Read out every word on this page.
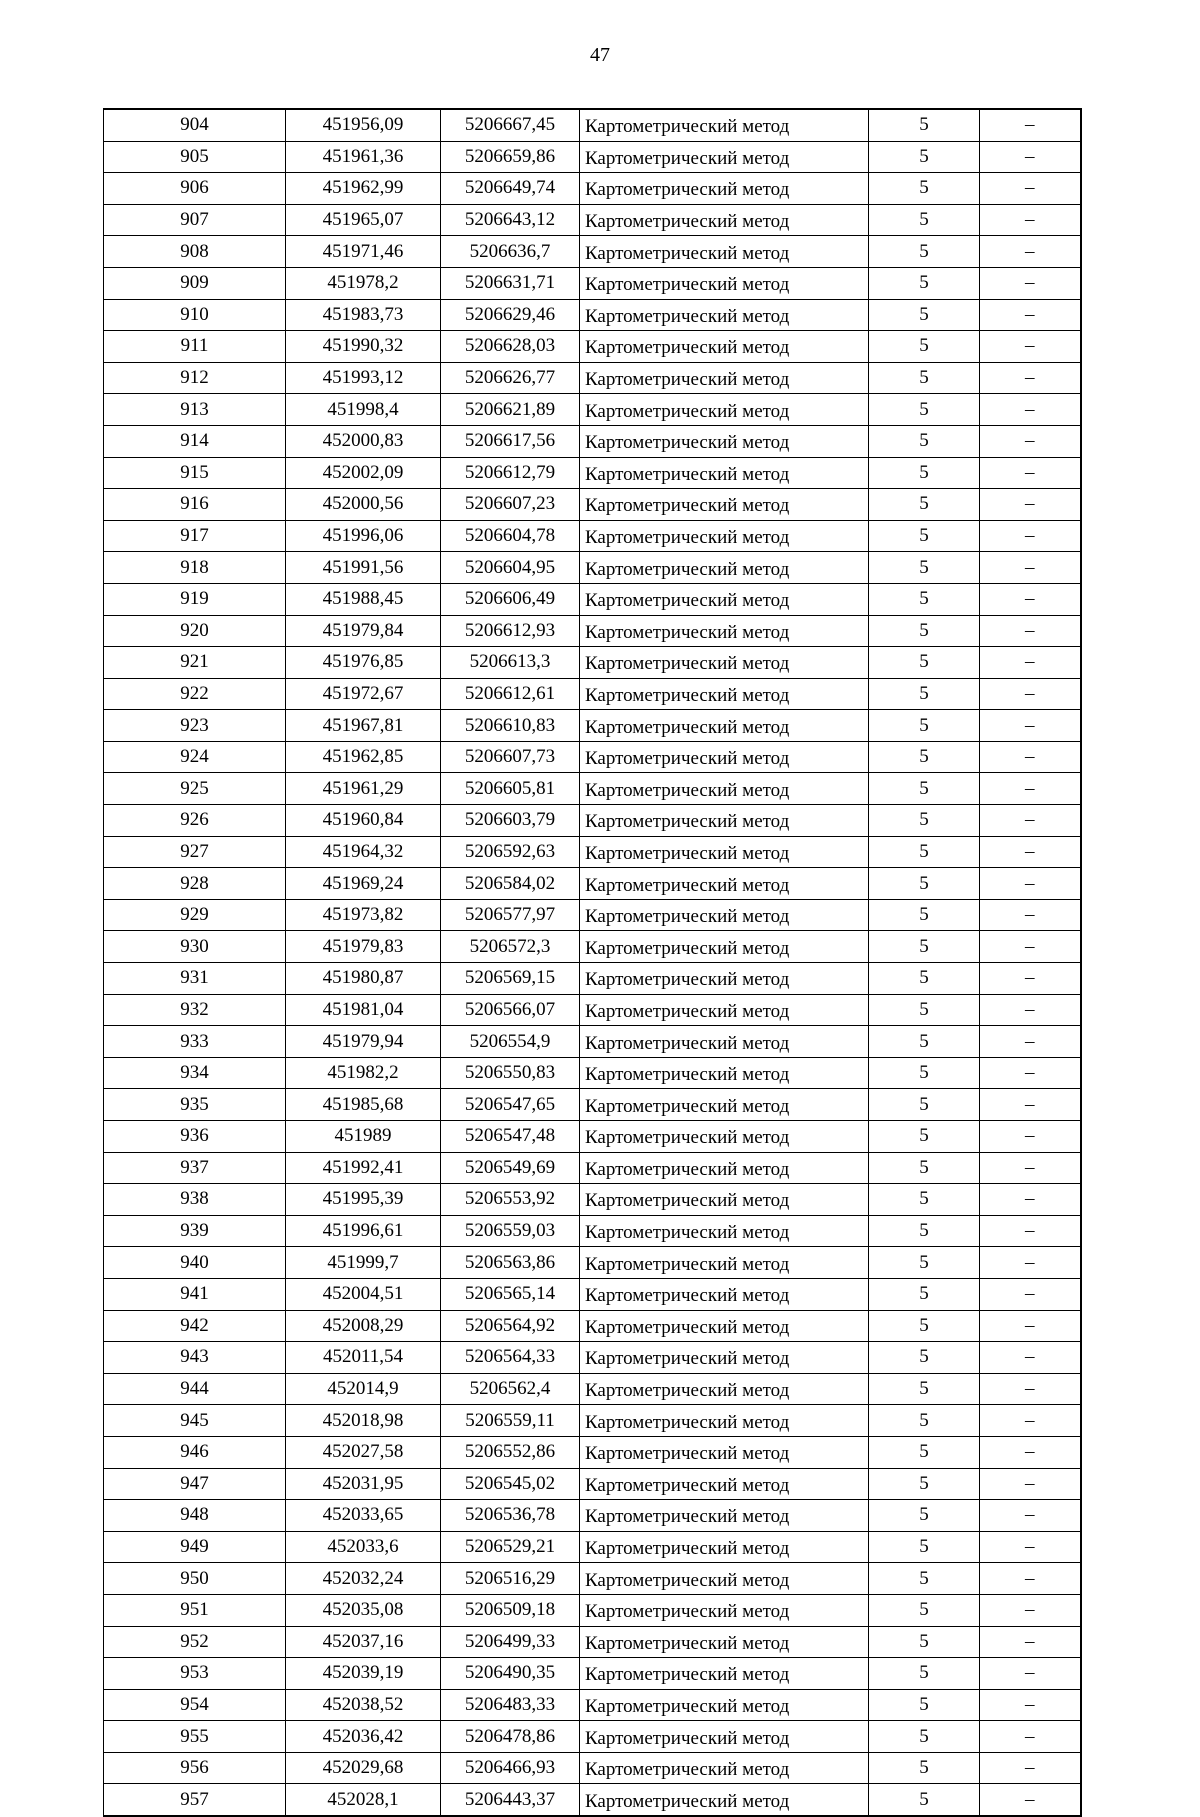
47
904	451956,09	5206667,45	Картометрический метод	5	–
905	451961,36	5206659,86	Картометрический метод	5	–
906	451962,99	5206649,74	Картометрический метод	5	–
907	451965,07	5206643,12	Картометрический метод	5	–
908	451971,46	5206636,7	Картометрический метод	5	–
909	451978,2	5206631,71	Картометрический метод	5	–
910	451983,73	5206629,46	Картометрический метод	5	–
911	451990,32	5206628,03	Картометрический метод	5	–
912	451993,12	5206626,77	Картометрический метод	5	–
913	451998,4	5206621,89	Картометрический метод	5	–
914	452000,83	5206617,56	Картометрический метод	5	–
915	452002,09	5206612,79	Картометрический метод	5	–
916	452000,56	5206607,23	Картометрический метод	5	–
917	451996,06	5206604,78	Картометрический метод	5	–
918	451991,56	5206604,95	Картометрический метод	5	–
919	451988,45	5206606,49	Картометрический метод	5	–
920	451979,84	5206612,93	Картометрический метод	5	–
921	451976,85	5206613,3	Картометрический метод	5	–
922	451972,67	5206612,61	Картометрический метод	5	–
923	451967,81	5206610,83	Картометрический метод	5	–
924	451962,85	5206607,73	Картометрический метод	5	–
925	451961,29	5206605,81	Картометрический метод	5	–
926	451960,84	5206603,79	Картометрический метод	5	–
927	451964,32	5206592,63	Картометрический метод	5	–
928	451969,24	5206584,02	Картометрический метод	5	–
929	451973,82	5206577,97	Картометрический метод	5	–
930	451979,83	5206572,3	Картометрический метод	5	–
931	451980,87	5206569,15	Картометрический метод	5	–
932	451981,04	5206566,07	Картометрический метод	5	–
933	451979,94	5206554,9	Картометрический метод	5	–
934	451982,2	5206550,83	Картометрический метод	5	–
935	451985,68	5206547,65	Картометрический метод	5	–
936	451989	5206547,48	Картометрический метод	5	–
937	451992,41	5206549,69	Картометрический метод	5	–
938	451995,39	5206553,92	Картометрический метод	5	–
939	451996,61	5206559,03	Картометрический метод	5	–
940	451999,7	5206563,86	Картометрический метод	5	–
941	452004,51	5206565,14	Картометрический метод	5	–
942	452008,29	5206564,92	Картометрический метод	5	–
943	452011,54	5206564,33	Картометрический метод	5	–
944	452014,9	5206562,4	Картометрический метод	5	–
945	452018,98	5206559,11	Картометрический метод	5	–
946	452027,58	5206552,86	Картометрический метод	5	–
947	452031,95	5206545,02	Картометрический метод	5	–
948	452033,65	5206536,78	Картометрический метод	5	–
949	452033,6	5206529,21	Картометрический метод	5	–
950	452032,24	5206516,29	Картометрический метод	5	–
951	452035,08	5206509,18	Картометрический метод	5	–
952	452037,16	5206499,33	Картометрический метод	5	–
953	452039,19	5206490,35	Картометрический метод	5	–
954	452038,52	5206483,33	Картометрический метод	5	–
955	452036,42	5206478,86	Картометрический метод	5	–
956	452029,68	5206466,93	Картометрический метод	5	–
957	452028,1	5206443,37	Картометрический метод	5	–
